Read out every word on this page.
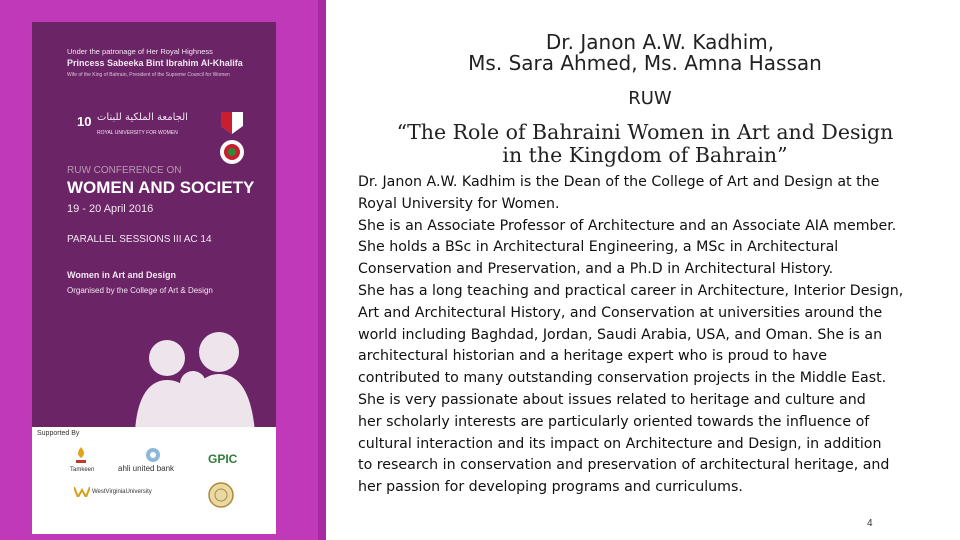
Under the patronage of Her Royal Highness
Princess Sabeeka Bint Ibrahim Al-Khalifa
Wife of the King of Bahrain, President of the Supreme Council for Women
10 الجامعة الملكية للبنات
ROYAL UNIVERSITY FOR WOMEN
RUW CONFERENCE ON
WOMEN AND SOCIETY
19 - 20 April 2016
PARALLEL SESSIONS III AC 14
Women in Art and Design
Organised by the College of Art & Design
Supported By
Tamkeen	ahli united bank
GPIC
WestVirginiaUniversity
Dr. Janon A.W. Kadhim,
Ms. Sara Ahmed, Ms. Amna Hassan
RUW
“The Role of Bahraini Women in Art and Design
in the Kingdom of Bahrain”
Dr. Janon A.W. Kadhim is the Dean of the College of Art and Design at the
Royal University for Women.
She is an Associate Professor of Architecture and an Associate AIA member.
She holds a BSc in Architectural Engineering, a MSc in Architectural
Conservation and Preservation, and a Ph.D in Architectural History.
She has a long teaching and practical career in Architecture, Interior Design,
Art and Architectural History, and Conservation at universities around the
world including Baghdad, Jordan, Saudi Arabia, USA, and Oman. She is an
architectural historian and a heritage expert who is proud to have
contributed to many outstanding conservation projects in the Middle East.
She is very passionate about issues related to heritage and culture and
her scholarly interests are particularly oriented towards the influence of
cultural interaction and its impact on Architecture and Design, in addition
to research in conservation and preservation of architectural heritage, and
her passion for developing programs and curriculums.
4
